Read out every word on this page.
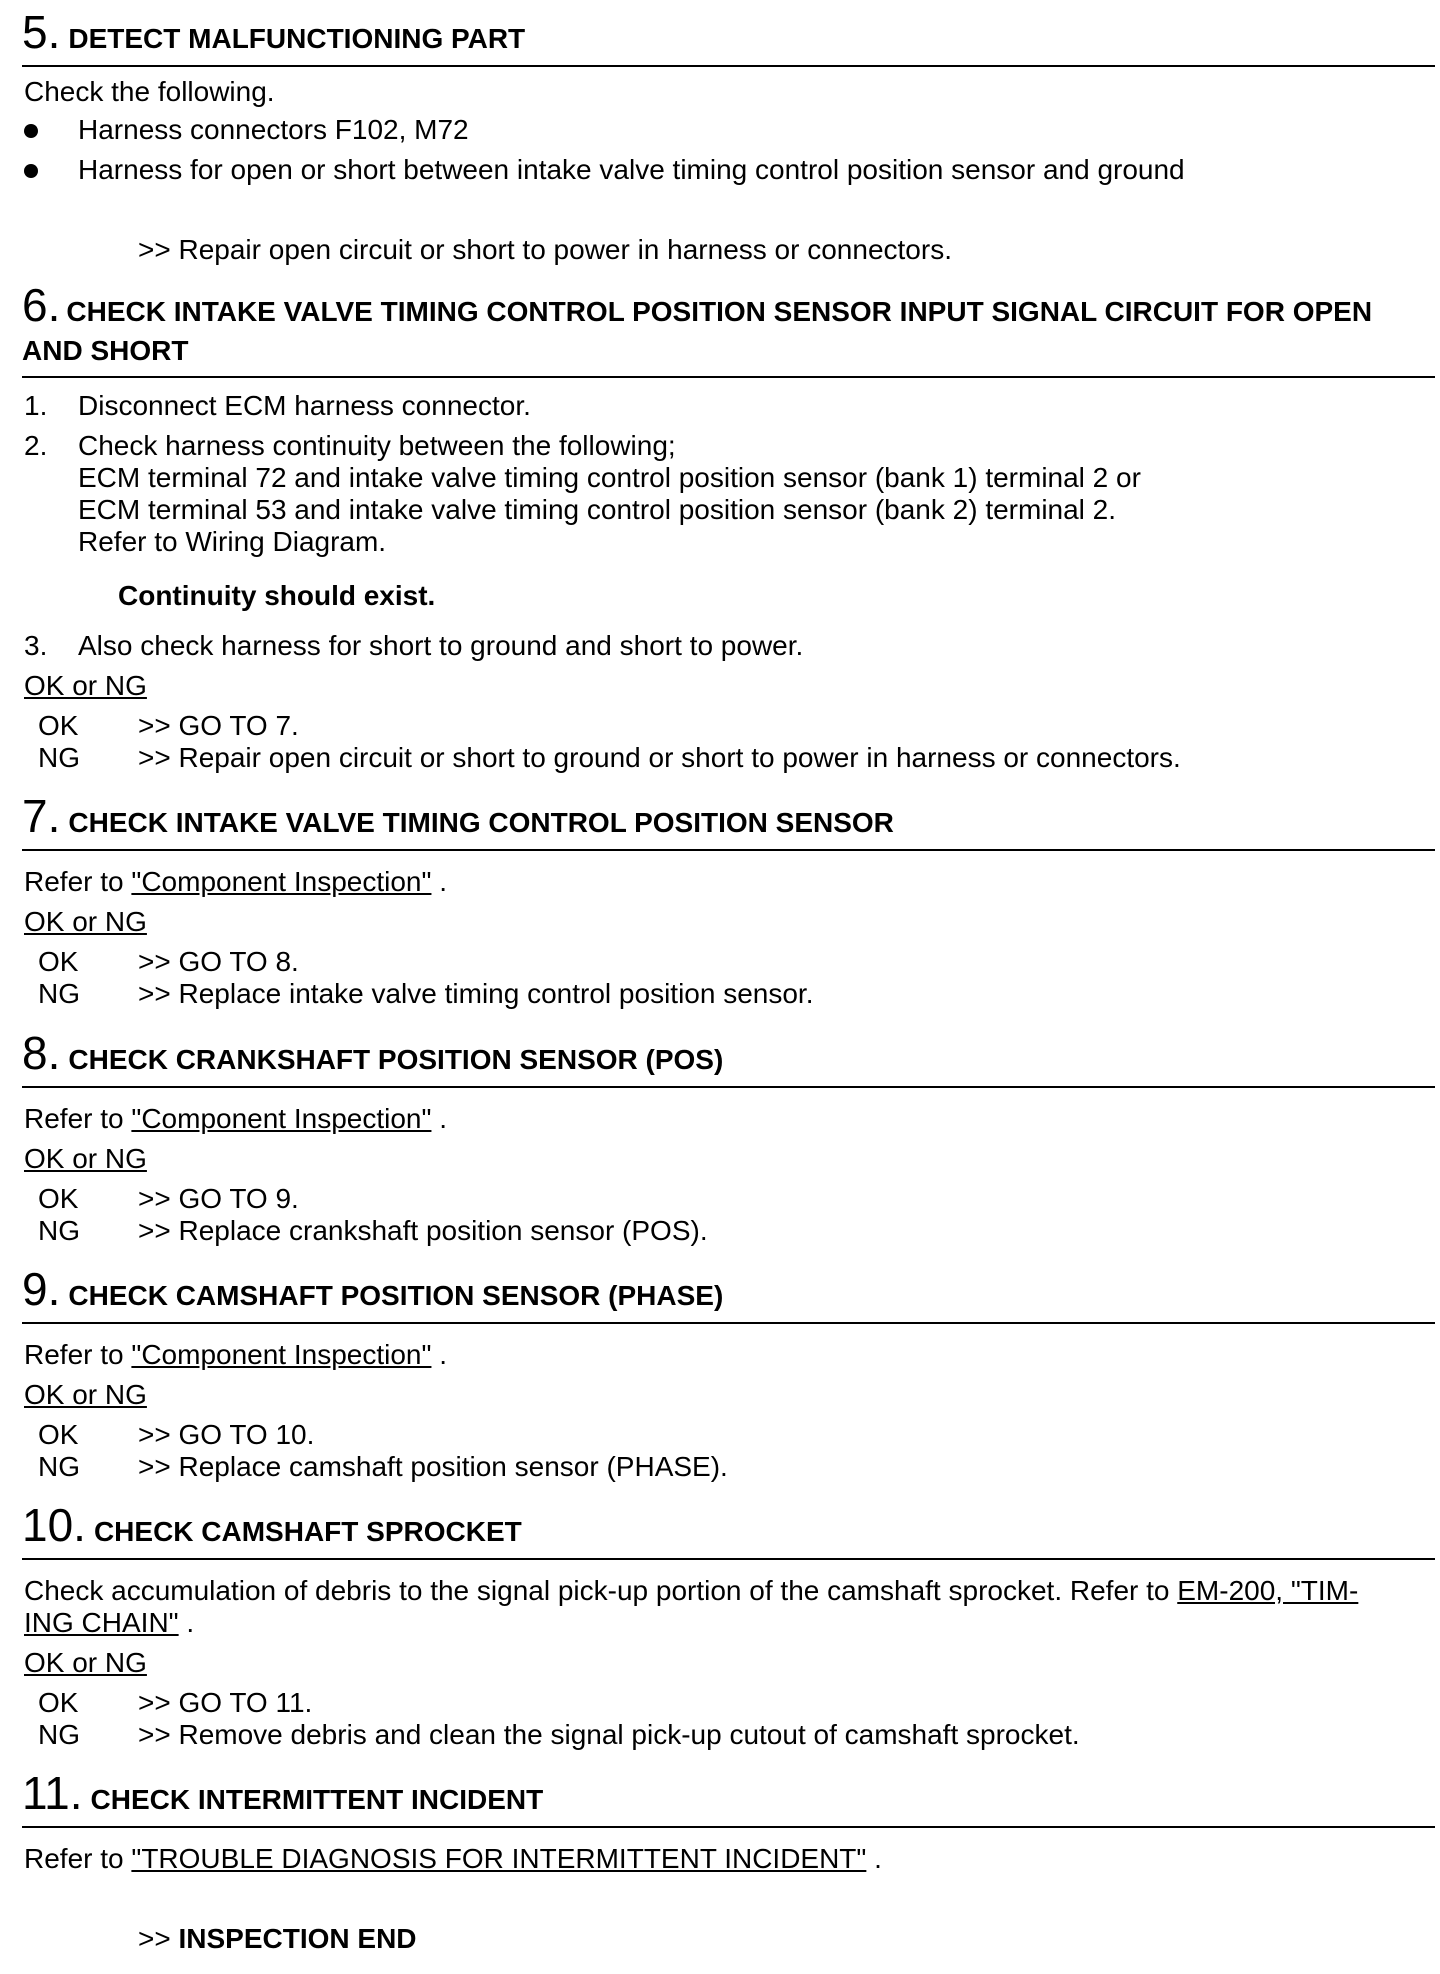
5. DETECT MALFUNCTIONING PART
Check the following.
Harness connectors F102, M72
Harness for open or short between intake valve timing control position sensor and ground
>> Repair open circuit or short to power in harness or connectors.
6. CHECK INTAKE VALVE TIMING CONTROL POSITION SENSOR INPUT SIGNAL CIRCUIT FOR OPEN
AND SHORT
1. Disconnect ECM harness connector.
2. Check harness continuity between the following;
ECM terminal 72 and intake valve timing control position sensor (bank 1) terminal 2 or
ECM terminal 53 and intake valve timing control position sensor (bank 2) terminal 2.
Refer to Wiring Diagram.
Continuity should exist.
3. Also check harness for short to ground and short to power.
OK or NG
OK >> GO TO 7.
NG >> Repair open circuit or short to ground or short to power in harness or connectors.
7. CHECK INTAKE VALVE TIMING CONTROL POSITION SENSOR
Refer to "Component Inspection" .
OK or NG
OK >> GO TO 8.
NG >> Replace intake valve timing control position sensor.
8. CHECK CRANKSHAFT POSITION SENSOR (POS)
Refer to "Component Inspection" .
OK or NG
OK >> GO TO 9.
NG >> Replace crankshaft position sensor (POS).
9. CHECK CAMSHAFT POSITION SENSOR (PHASE)
Refer to "Component Inspection" .
OK or NG
OK >> GO TO 10.
NG >> Replace camshaft position sensor (PHASE).
10. CHECK CAMSHAFT SPROCKET
Check accumulation of debris to the signal pick-up portion of the camshaft sprocket. Refer to EM-200, "TIM-
ING CHAIN" .
OK or NG
OK >> GO TO 11.
NG >> Remove debris and clean the signal pick-up cutout of camshaft sprocket.
11. CHECK INTERMITTENT INCIDENT
Refer to "TROUBLE DIAGNOSIS FOR INTERMITTENT INCIDENT" .
>> INSPECTION END
